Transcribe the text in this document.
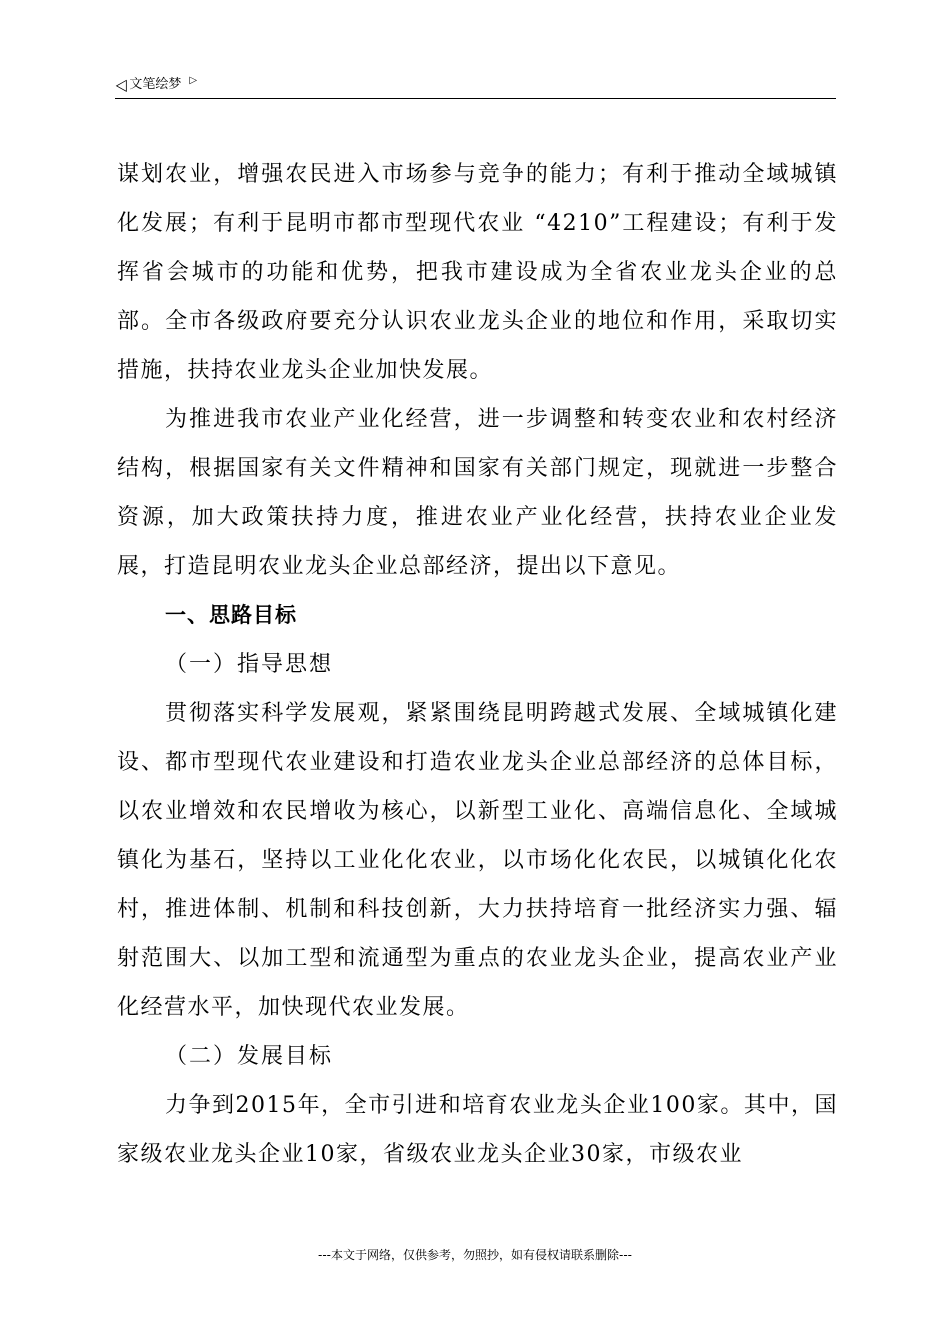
◁ 文笔绘梦 ▷

谋划农业，增强农民进入市场参与竞争的能力；有利于推动全域城镇化发展；有利于昆明市都市型现代农业 “4210”工程建设；有利于发挥省会城市的功能和优势，把我市建设成为全省农业龙头企业的总部。全市各级政府要充分认识农业龙头企业的地位和作用，采取切实措施，扶持农业龙头企业加快发展。

为推进我市农业产业化经营，进一步调整和转变农业和农村经济结构，根据国家有关文件精神和国家有关部门规定，现就进一步整合资源，加大政策扶持力度，推进农业产业化经营，扶持农业企业发展，打造昆明农业龙头企业总部经济，提出以下意见。

一、思路目标

（一）指导思想

贯彻落实科学发展观，紧紧围绕昆明跨越式发展、全域城镇化建设、都市型现代农业建设和打造农业龙头企业总部经济的总体目标，以农业增效和农民增收为核心，以新型工业化、高端信息化、全域城镇化为基石，坚持以工业化化农业，以市场化化农民，以城镇化化农村，推进体制、机制和科技创新，大力扶持培育一批经济实力强、辐射范围大、以加工型和流通型为重点的农业龙头企业，提高农业产业化经营水平，加快现代农业发展。

（二）发展目标

力争到2015年，全市引进和培育农业龙头企业100家。其中，国家级农业龙头企业10家，省级农业龙头企业30家，市级农业

---本文于网络，仅供参考，勿照抄，如有侵权请联系删除---
